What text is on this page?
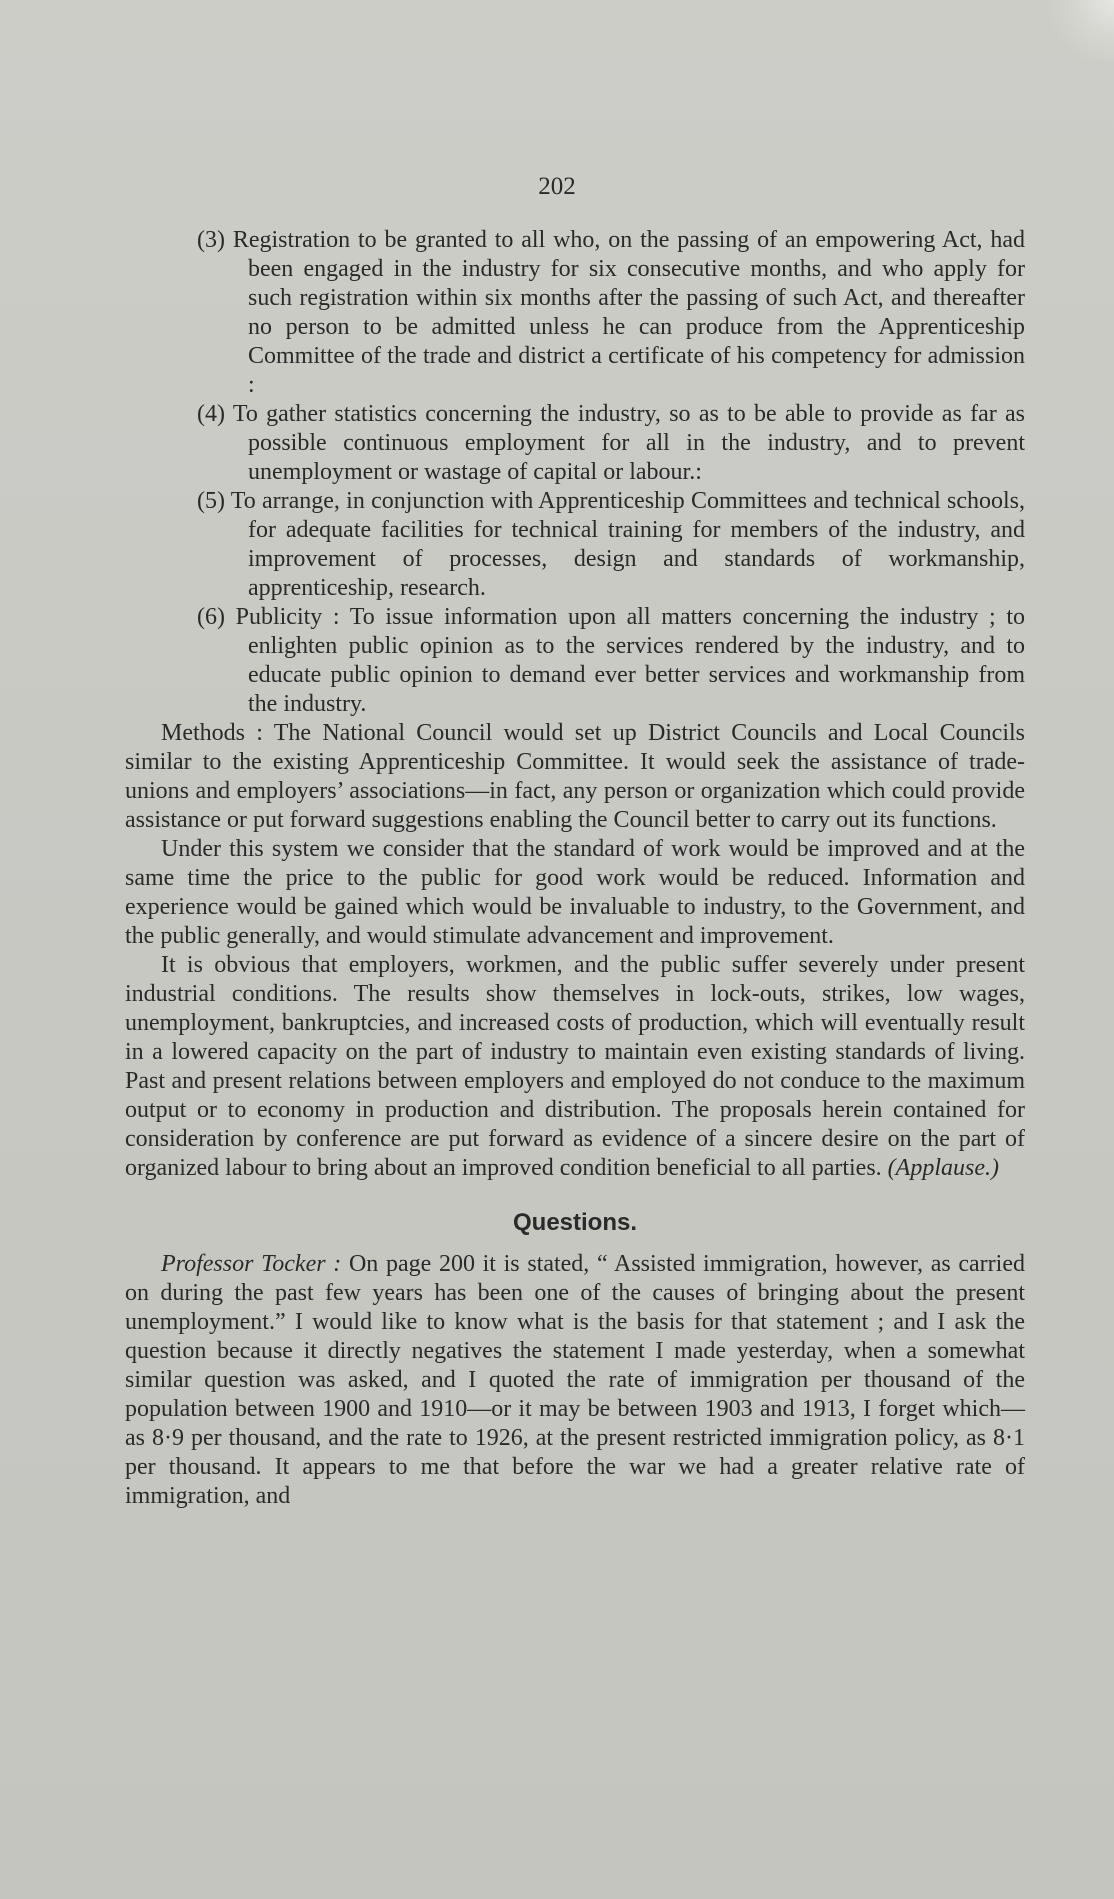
202

(3) Registration to be granted to all who, on the passing of an empowering Act, had been engaged in the industry for six consecutive months, and who apply for such registration within six months after the passing of such Act, and thereafter no person to be admitted unless he can produce from the Apprenticeship Committee of the trade and district a certificate of his competency for admission :

(4) To gather statistics concerning the industry, so as to be able to provide as far as possible continuous employment for all in the industry, and to prevent unemployment or wastage of capital or labour.:

(5) To arrange, in conjunction with Apprenticeship Committees and technical schools, for adequate facilities for technical training for members of the industry, and improvement of processes, design and standards of workmanship, apprenticeship, research.

(6) Publicity : To issue information upon all matters concerning the industry ; to enlighten public opinion as to the services rendered by the industry, and to educate public opinion to demand ever better services and workmanship from the industry.

Methods : The National Council would set up District Councils and Local Councils similar to the existing Apprenticeship Committee. It would seek the assistance of trade-unions and employers’ associations—in fact, any person or organization which could provide assistance or put forward suggestions enabling the Council better to carry out its functions.

Under this system we consider that the standard of work would be improved and at the same time the price to the public for good work would be reduced. Information and experience would be gained which would be invaluable to industry, to the Government, and the public generally, and would stimulate advancement and improvement.

It is obvious that employers, workmen, and the public suffer severely under present industrial conditions. The results show themselves in lock-outs, strikes, low wages, unemployment, bankruptcies, and increased costs of production, which will eventually result in a lowered capacity on the part of industry to maintain even existing standards of living. Past and present relations between employers and employed do not conduce to the maximum output or to economy in production and distribution. The proposals herein contained for consideration by conference are put forward as evidence of a sincere desire on the part of organized labour to bring about an improved condition beneficial to all parties. (Applause.)

Questions.

Professor Tocker : On page 200 it is stated, “ Assisted immigration, however, as carried on during the past few years has been one of the causes of bringing about the present unemployment.” I would like to know what is the basis for that statement ; and I ask the question because it directly negatives the statement I made yesterday, when a somewhat similar question was asked, and I quoted the rate of immigration per thousand of the population between 1900 and 1910—or it may be between 1903 and 1913, I forget which—as 8·9 per thousand, and the rate to 1926, at the present restricted immigration policy, as 8·1 per thousand. It appears to me that before the war we had a greater relative rate of immigration, and
